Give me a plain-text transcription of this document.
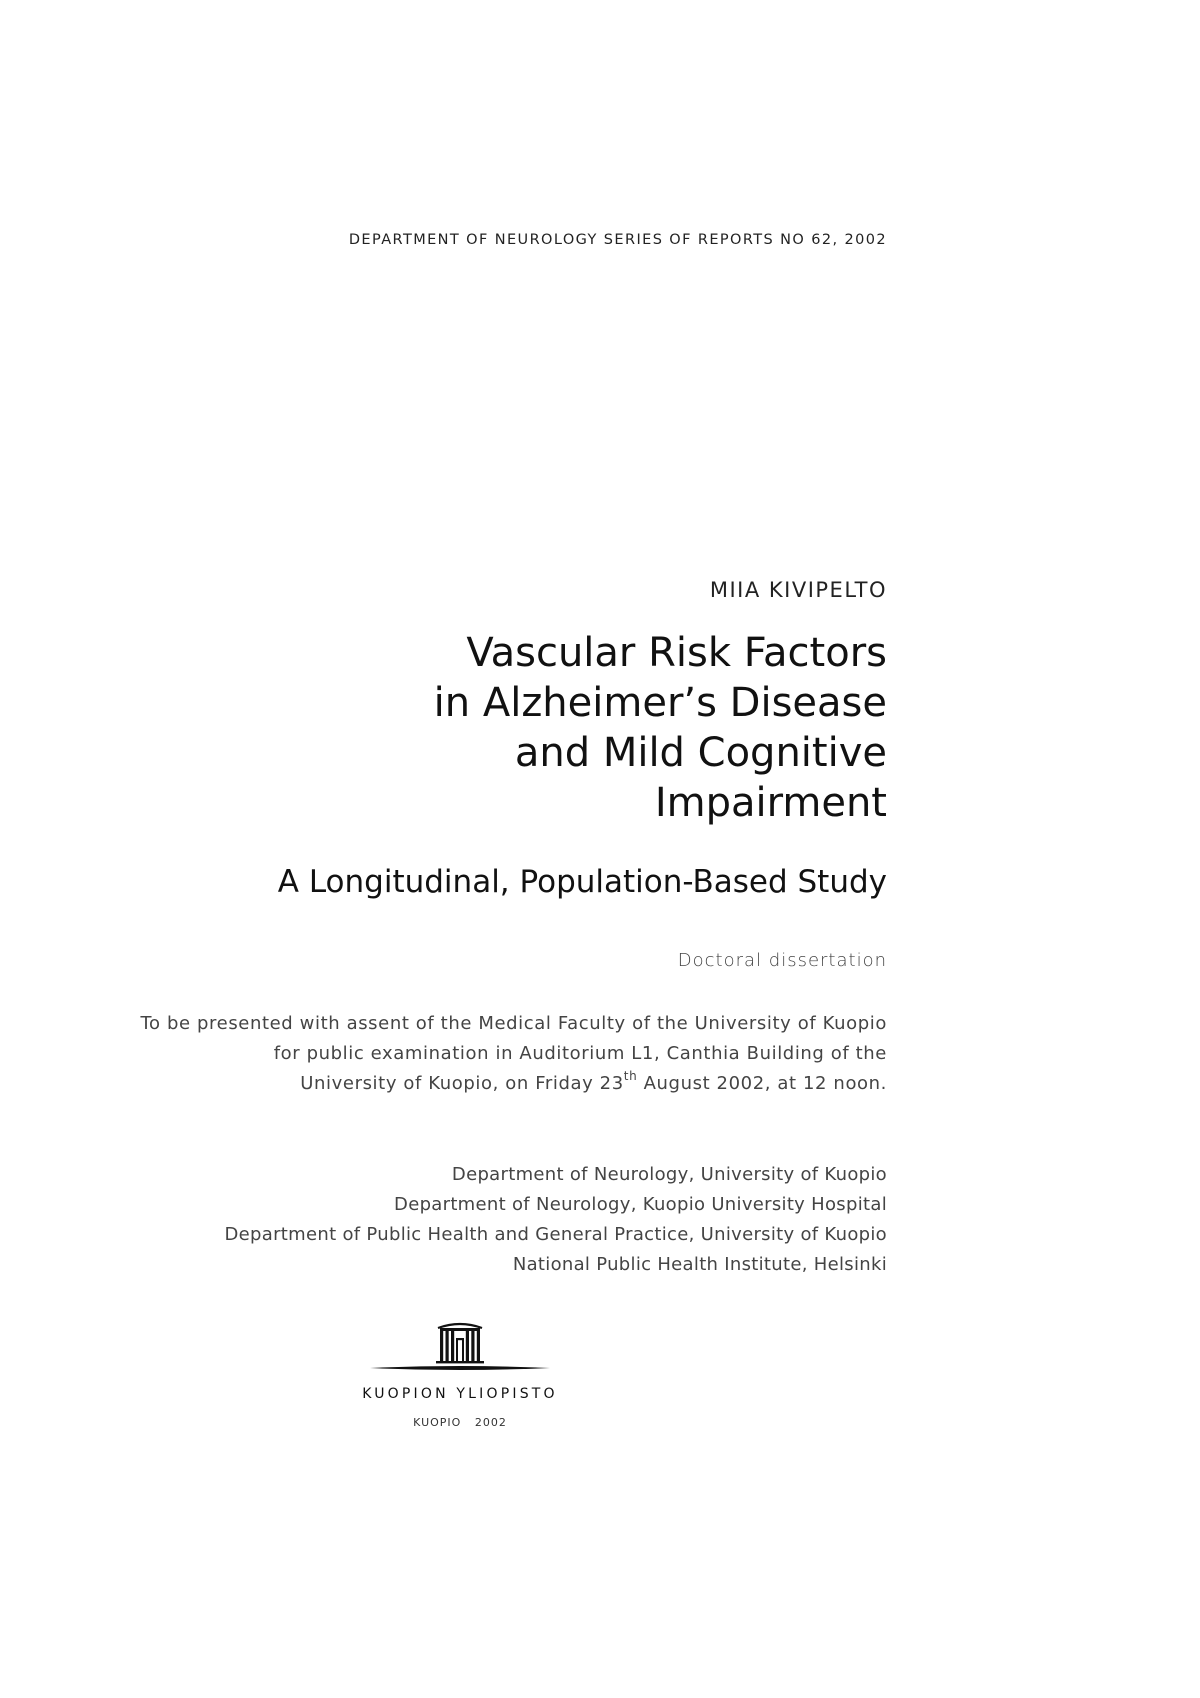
DEPARTMENT OF NEUROLOGY SERIES OF REPORTS NO 62, 2002
MIIA KIVIPELTO
Vascular Risk Factors
in Alzheimer’s Disease
and Mild Cognitive
Impairment
A Longitudinal, Population-Based Study
Doctoral dissertation
To be presented with assent of the Medical Faculty of the University of Kuopio
for public examination in Auditorium L1, Canthia Building of the
University of Kuopio, on Friday 23th August 2002, at 12 noon.
Department of Neurology, University of Kuopio
Department of Neurology, Kuopio University Hospital
Department of Public Health and General Practice, University of Kuopio
National Public Health Institute, Helsinki
KUOPION YLIOPISTO
KUOPIO   2002
